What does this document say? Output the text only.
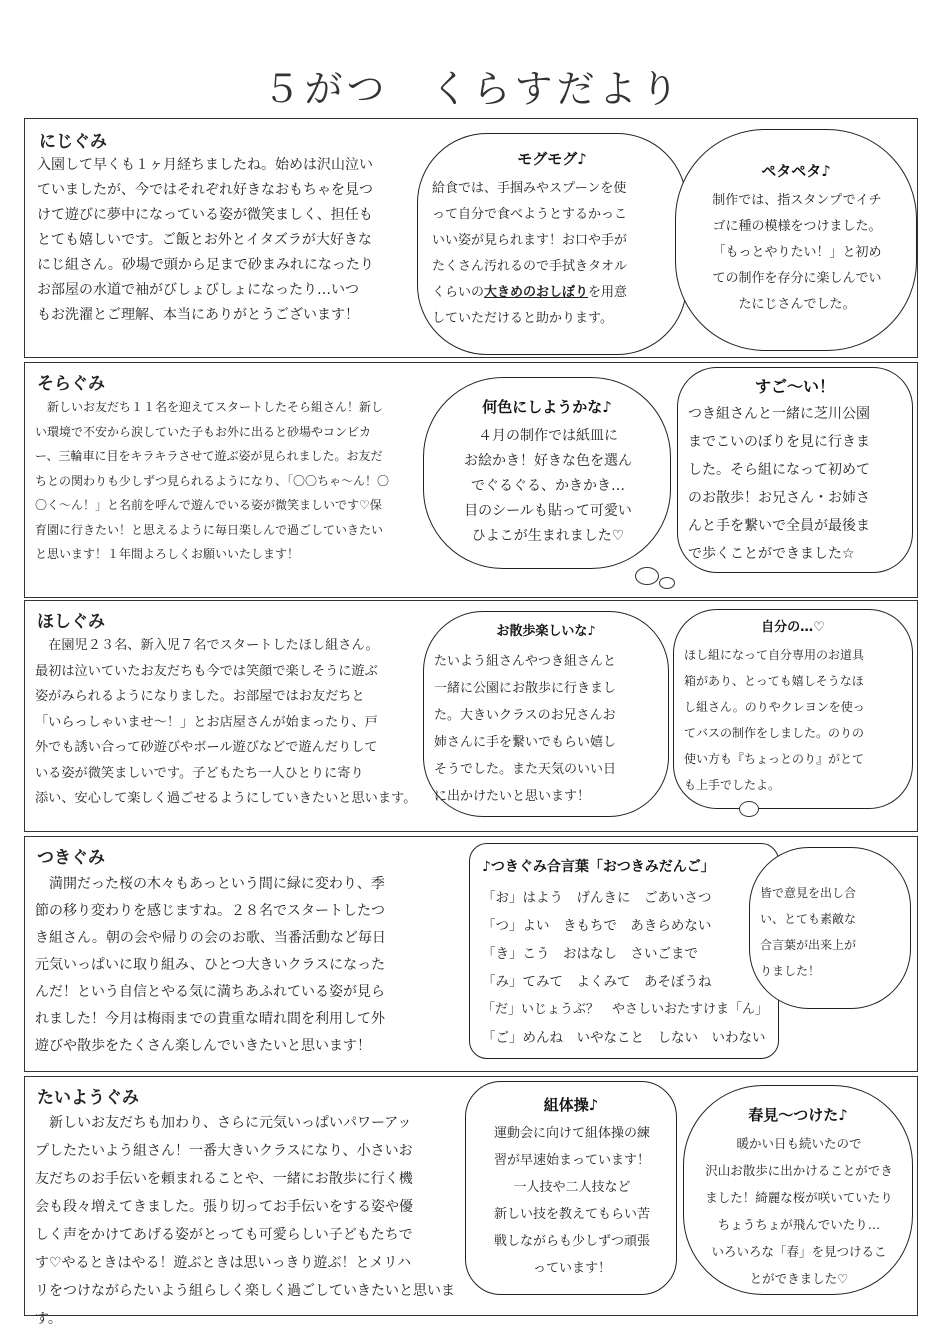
５がつ　くらすだより
にじぐみ
入園して早くも１ヶ月経ちましたね。始めは沢山泣い
ていましたが、今ではそれぞれ好きなおもちゃを見つ
けて遊びに夢中になっている姿が微笑ましく、担任も
とても嬉しいです。ご飯とお外とイタズラが大好きな
にじ組さん。砂場で頭から足まで砂まみれになったり
お部屋の水道で袖がびしょびしょになったり…いつ
もお洗濯とご理解、本当にありがとうございます！
モグモグ♪
給食では、手掴みやスプーンを使
って自分で食べようとするかっこ
いい姿が見られます！お口や手が
たくさん汚れるので手拭きタオル
くらいの大きめのおしぼりを用意
していただけると助かります。
ペタペタ♪
制作では、指スタンプでイチ
ゴに種の模様をつけました。
「もっとやりたい！」と初め
ての制作を存分に楽しんでい
たにじさんでした。
そらぐみ
　新しいお友だち１１名を迎えてスタートしたそら組さん！新し
い環境で不安から涙していた子もお外に出ると砂場やコンビカ
ー、三輪車に目をキラキラさせて遊ぶ姿が見られました。お友だ
ちとの関わりも少しずつ見られるようになり、「〇〇ちゃ～ん！〇
〇く～ん！」と名前を呼んで遊んでいる姿が微笑ましいです♡保
育園に行きたい！と思えるように毎日楽しんで過ごしていきたい
と思います！１年間よろしくお願いいたします！
何色にしようかな♪
４月の制作では紙皿に
お絵かき！好きな色を選ん
でぐるぐる、かきかき…
目のシールも貼って可愛い
ひよこが生まれました♡
すご～い！
つき組さんと一緒に芝川公園
までこいのぼりを見に行きま
した。そら組になって初めて
のお散歩！お兄さん・お姉さ
んと手を繋いで全員が最後ま
で歩くことができました☆
ほしぐみ
　在園児２３名、新入児７名でスタートしたほし組さん。
最初は泣いていたお友だちも今では笑顔で楽しそうに遊ぶ
姿がみられるようになりました。お部屋ではお友だちと
「いらっしゃいませ～！」とお店屋さんが始まったり、戸
外でも誘い合って砂遊びやボール遊びなどで遊んだりして
いる姿が微笑ましいです。子どもたち一人ひとりに寄り
添い、安心して楽しく過ごせるようにしていきたいと思います。
お散歩楽しいな♪
たいよう組さんやつき組さんと
一緒に公園にお散歩に行きまし
た。大きいクラスのお兄さんお
姉さんに手を繋いでもらい嬉し
そうでした。また天気のいい日
に出かけたいと思います！
自分の…♡
ほし組になって自分専用のお道具
箱があり、とっても嬉しそうなほ
し組さん。のりやクレヨンを使っ
てバスの制作をしました。のりの
使い方も『ちょっとのり』がとて
も上手でしたよ。
つきぐみ
　満開だった桜の木々もあっという間に緑に変わり、季
節の移り変わりを感じますね。２８名でスタートしたつ
き組さん。朝の会や帰りの会のお歌、当番活動など毎日
元気いっぱいに取り組み、ひとつ大きいクラスになった
んだ！という自信とやる気に満ちあふれている姿が見ら
れました！今月は梅雨までの貴重な晴れ間を利用して外
遊びや散歩をたくさん楽しんでいきたいと思います！
♪つきぐみ合言葉「おつきみだんご」
「お」はよう　げんきに　ごあいさつ
「つ」よい　きもちで　あきらめない
「き」こう　おはなし　さいごまで
「み」てみて　よくみて　あそぼうね
「だ」いじょうぶ？　やさしいおたすけま「ん」
「ご」めんね　いやなこと　しない　いわない
皆で意見を出し合
い、とても素敵な
合言葉が出来上が
りました！
たいようぐみ
　新しいお友だちも加わり、さらに元気いっぱいパワーアッ
プしたたいよう組さん！一番大きいクラスになり、小さいお
友だちのお手伝いを頼まれることや、一緒にお散歩に行く機
会も段々増えてきました。張り切ってお手伝いをする姿や優
しく声をかけてあげる姿がとっても可愛らしい子どもたちで
す♡やるときはやる！遊ぶときは思いっきり遊ぶ！とメリハ
リをつけながらたいよう組らしく楽しく過ごしていきたいと思います。
組体操♪
運動会に向けて組体操の練
習が早速始まっています！
一人技や二人技など
新しい技を教えてもらい苦
戦しながらも少しずつ頑張
っています！
春見～つけた♪
暖かい日も続いたので
沢山お散歩に出かけることができ
ました！綺麗な桜が咲いていたり
ちょうちょが飛んでいたり…
いろいろな「春」を見つけるこ
とができました♡
